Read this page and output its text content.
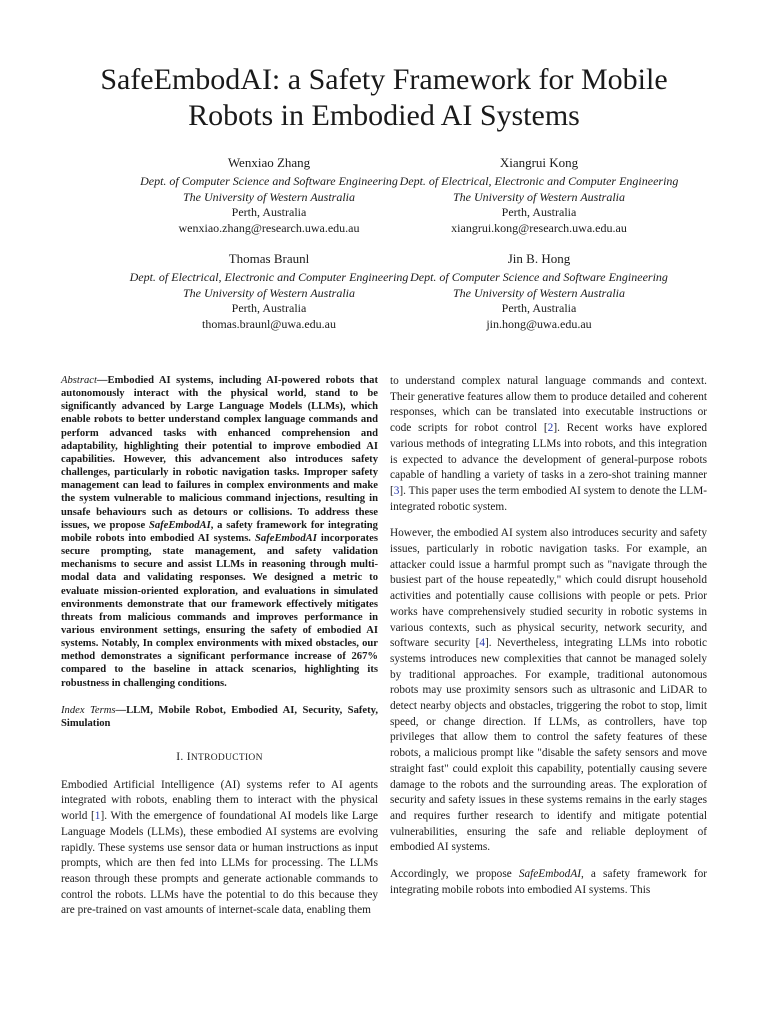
SafeEmbodAI: a Safety Framework for Mobile
Robots in Embodied AI Systems
Wenxiao Zhang
Dept. of Computer Science and Software Engineering
The University of Western Australia
Perth, Australia
wenxiao.zhang@research.uwa.edu.au
Xiangrui Kong
Dept. of Electrical, Electronic and Computer Engineering
The University of Western Australia
Perth, Australia
xiangrui.kong@research.uwa.edu.au
Thomas Braunl
Dept. of Electrical, Electronic and Computer Engineering
The University of Western Australia
Perth, Australia
thomas.braunl@uwa.edu.au
Jin B. Hong
Dept. of Computer Science and Software Engineering
The University of Western Australia
Perth, Australia
jin.hong@uwa.edu.au

Abstract—Embodied AI systems, including AI-powered robots that autonomously interact with the physical world, stand to be significantly advanced by Large Language Models (LLMs), which enable robots to better understand complex language commands and perform advanced tasks with enhanced comprehension and adaptability, highlighting their potential to improve embodied AI capabilities. However, this advancement also introduces safety challenges, particularly in robotic navigation tasks. Improper safety management can lead to failures in complex environments and make the system vulnerable to malicious command injections, resulting in unsafe behaviours such as detours or collisions. To address these issues, we propose SafeEmbodAI, a safety framework for integrating mobile robots into embodied AI systems. SafeEmbodAI incorporates secure prompting, state management, and safety validation mechanisms to secure and assist LLMs in reasoning through multi-modal data and validating responses. We designed a metric to evaluate mission-oriented exploration, and evaluations in simulated environments demonstrate that our framework effectively mitigates threats from malicious commands and improves performance in various environment settings, ensuring the safety of embodied AI systems. Notably, In complex environments with mixed obstacles, our method demonstrates a significant performance increase of 267% compared to the baseline in attack scenarios, highlighting its robustness in challenging conditions.

Index Terms—LLM, Mobile Robot, Embodied AI, Security, Safety, Simulation

I. INTRODUCTION

Embodied Artificial Intelligence (AI) systems refer to AI agents integrated with robots, enabling them to interact with the physical world [1]. With the emergence of foundational AI models like Large Language Models (LLMs), these embodied AI systems are evolving rapidly. These systems use sensor data or human instructions as input prompts, which are then fed into LLMs for processing. The LLMs reason through these prompts and generate actionable commands to control the robots. LLMs have the potential to do this because they are pre-trained on vast amounts of internet-scale data, enabling them

to understand complex natural language commands and context. Their generative features allow them to produce detailed and coherent responses, which can be translated into executable instructions or code scripts for robot control [2]. Recent works have explored various methods of integrating LLMs into robots, and this integration is expected to advance the development of general-purpose robots capable of handling a variety of tasks in a zero-shot training manner [3]. This paper uses the term embodied AI system to denote the LLM-integrated robotic system.

However, the embodied AI system also introduces security and safety issues, particularly in robotic navigation tasks. For example, an attacker could issue a harmful prompt such as "navigate through the busiest part of the house repeatedly," which could disrupt household activities and potentially cause collisions with people or pets. Prior works have comprehensively studied security in robotic systems in various contexts, such as physical security, network security, and software security [4]. Nevertheless, integrating LLMs into robotic systems introduces new complexities that cannot be managed solely by traditional approaches. For example, traditional autonomous robots may use proximity sensors such as ultrasonic and LiDAR to detect nearby objects and obstacles, triggering the robot to stop, limit speed, or change direction. If LLMs, as controllers, have top privileges that allow them to control the safety features of these robots, a malicious prompt like "disable the safety sensors and move straight fast" could exploit this capability, potentially causing severe damage to the robots and the surrounding areas. The exploration of security and safety issues in these systems remains in the early stages and requires further research to identify and mitigate potential vulnerabilities, ensuring the safe and reliable deployment of embodied AI systems.

Accordingly, we propose SafeEmbodAI, a safety framework for integrating mobile robots into embodied AI systems. This
